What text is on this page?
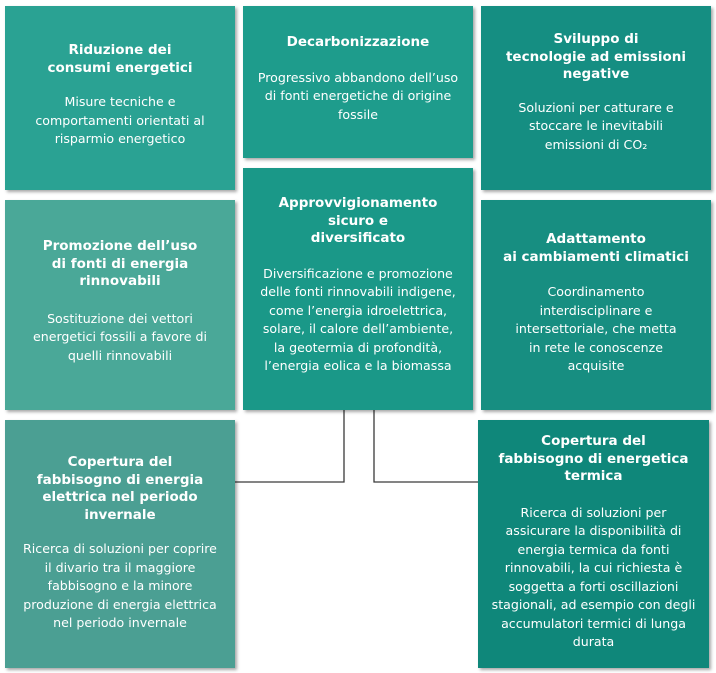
Riduzione dei
consumi energetici

Misure tecniche e
comportamenti orientati al
risparmio energetico

Decarbonizzazione

Progressivo abbandono dell’uso
di fonti energetiche di origine
fossile

Sviluppo di
tecnologie ad emissioni
negative

Soluzioni per catturare e
stoccare le inevitabili
emissioni di CO₂

Promozione dell’uso
di fonti di energia
rinnovabili

Sostituzione dei vettori
energetici fossili a favore di
quelli rinnovabili

Approvvigionamento
sicuro e
diversificato

Diversificazione e promozione
delle fonti rinnovabili indigene,
come l’energia idroelettrica,
solare, il calore dell’ambiente,
la geotermia di profondità,
l’energia eolica e la biomassa

Adattamento
ai cambiamenti climatici

Coordinamento
interdisciplinare e
intersettoriale, che metta
in rete le conoscenze
acquisite

Copertura del
fabbisogno di energia
elettrica nel periodo
invernale

Ricerca di soluzioni per coprire
il divario tra il maggiore
fabbisogno e la minore
produzione di energia elettrica
nel periodo invernale

Copertura del
fabbisogno di energetica
termica

Ricerca di soluzioni per
assicurare la disponibilità di
energia termica da fonti
rinnovabili, la cui richiesta è
soggetta a forti oscillazioni
stagionali, ad esempio con degli
accumulatori termici di lunga
durata
